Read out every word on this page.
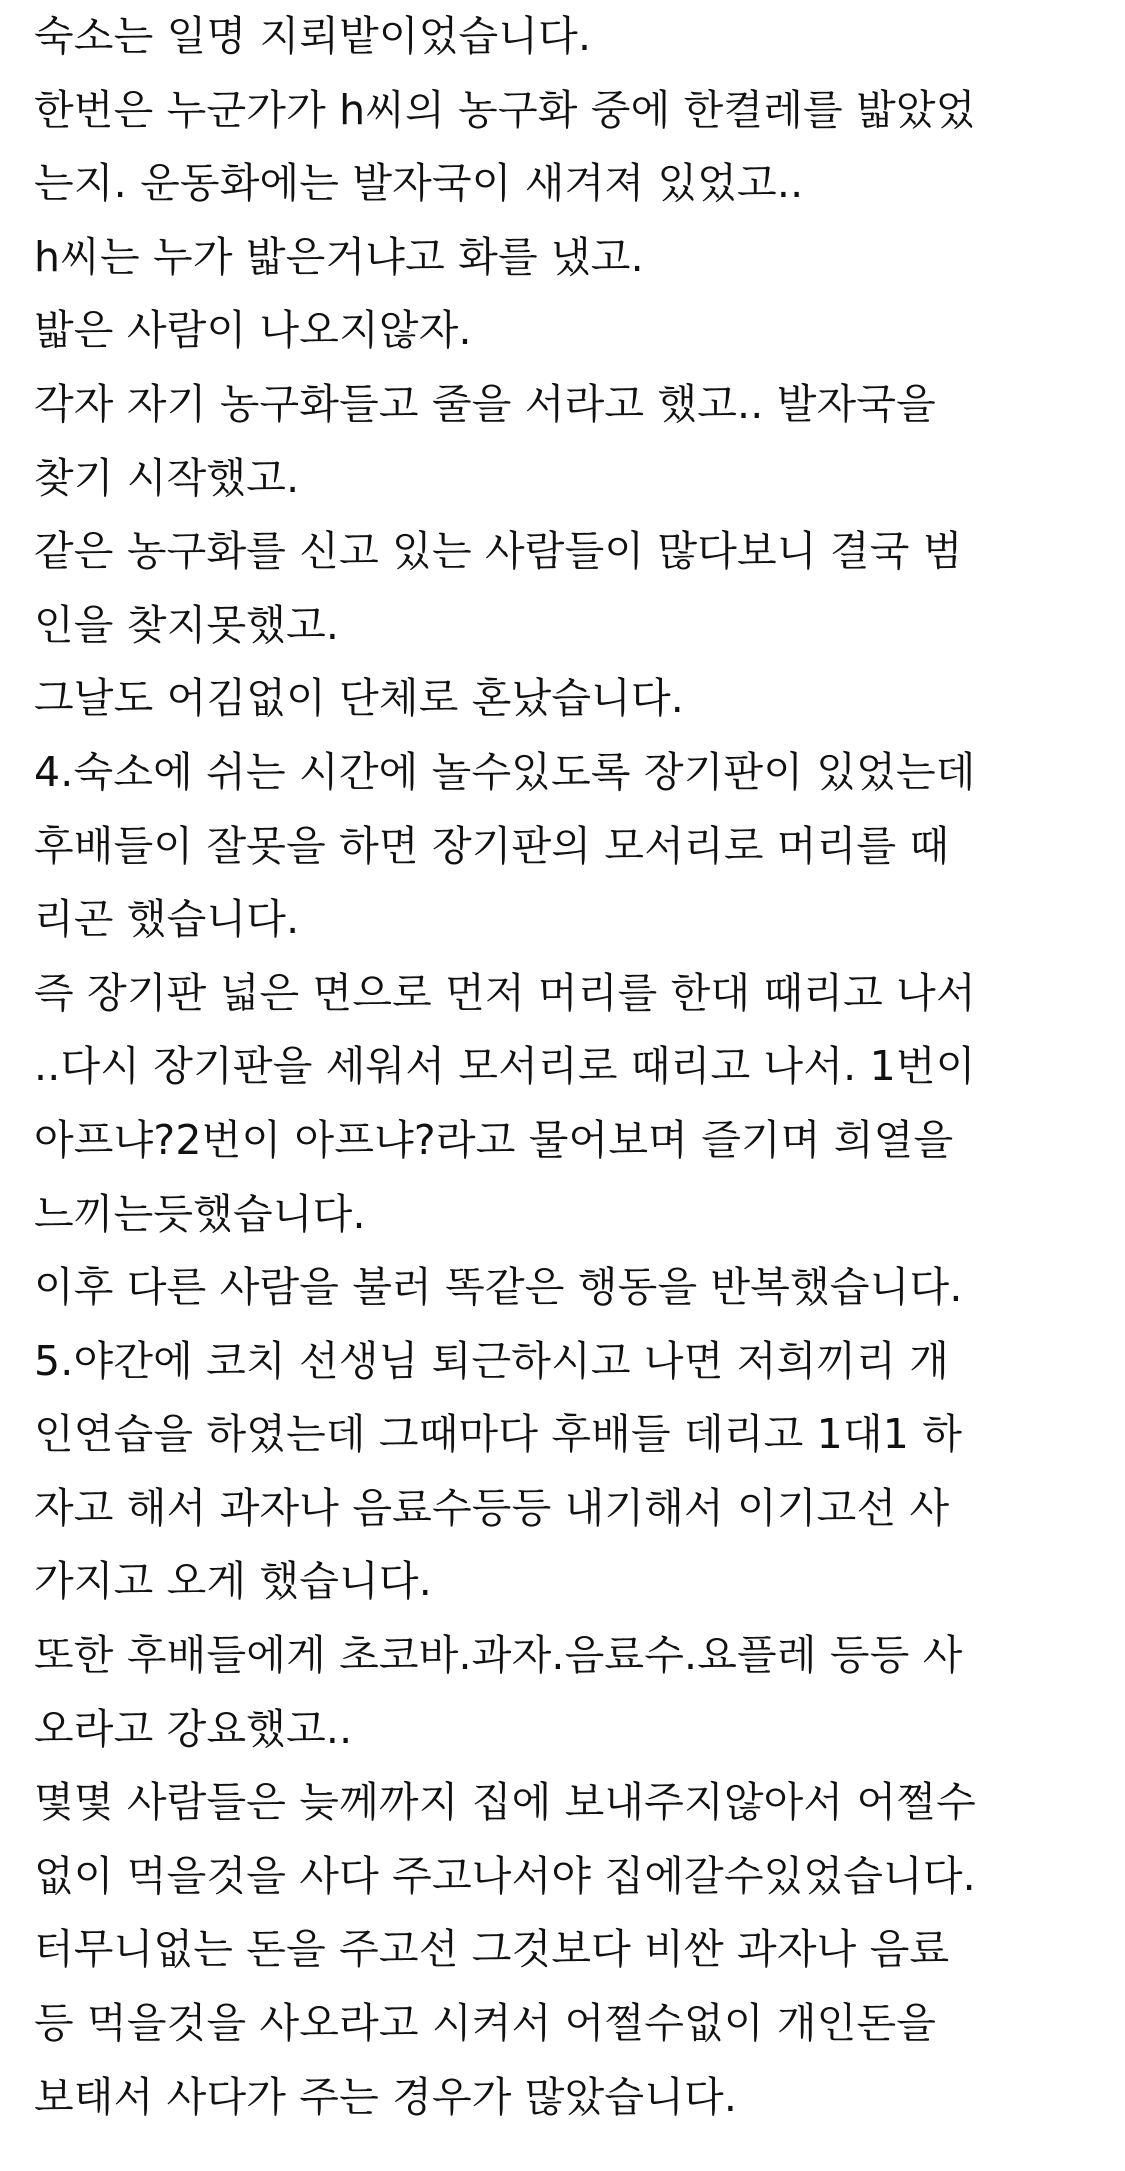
숙소는 일명 지뢰밭이었습니다.
한번은 누군가가 h씨의 농구화 중에 한켤레를 밟았었
는지. 운동화에는 발자국이 새겨져 있었고..
h씨는 누가 밟은거냐고 화를 냈고.
밟은 사람이 나오지않자.
각자 자기 농구화들고 줄을 서라고 했고.. 발자국을
찾기 시작했고.
같은 농구화를 신고 있는 사람들이 많다보니 결국 범
인을 찾지못했고.
그날도 어김없이 단체로 혼났습니다.
4.숙소에 쉬는 시간에 놀수있도록 장기판이 있었는데
후배들이 잘못을 하면 장기판의 모서리로 머리를 때
리곤 했습니다.
즉 장기판 넓은 면으로 먼저 머리를 한대 때리고 나서
..다시 장기판을 세워서 모서리로 때리고 나서. 1번이
아프냐?2번이 아프냐?라고 물어보며 즐기며 희열을
느끼는듯했습니다.
이후 다른 사람을 불러 똑같은 행동을 반복했습니다.
5.야간에 코치 선생님 퇴근하시고 나면 저희끼리 개
인연습을 하였는데 그때마다 후배들 데리고 1대1 하
자고 해서 과자나 음료수등등 내기해서 이기고선 사
가지고 오게 했습니다.
또한 후배들에게 초코바.과자.음료수.요플레 등등 사
오라고 강요했고..
몇몇 사람들은 늦께까지 집에 보내주지않아서 어쩔수
없이 먹을것을 사다 주고나서야 집에갈수있었습니다.
터무니없는 돈을 주고선 그것보다 비싼 과자나 음료
등 먹을것을 사오라고 시켜서 어쩔수없이 개인돈을
보태서 사다가 주는 경우가 많았습니다.
